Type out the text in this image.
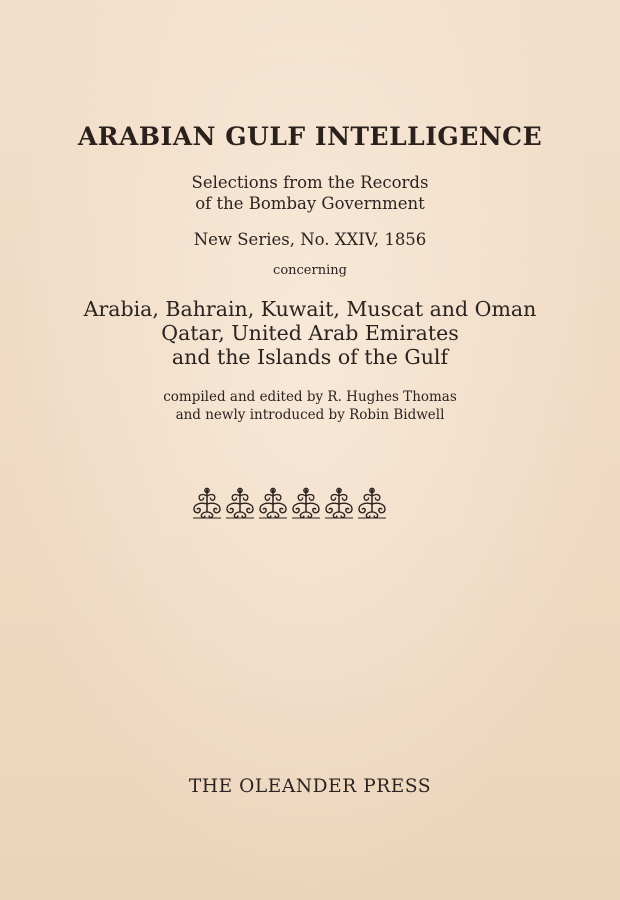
ARABIAN GULF INTELLIGENCE
Selections from the Records
of the Bombay Government
New Series, No. XXIV, 1856
concerning
Arabia, Bahrain, Kuwait, Muscat and Oman
Qatar, United Arab Emirates
and the Islands of the Gulf
compiled and edited by R. Hughes Thomas
and newly introduced by Robin Bidwell
THE OLEANDER PRESS
